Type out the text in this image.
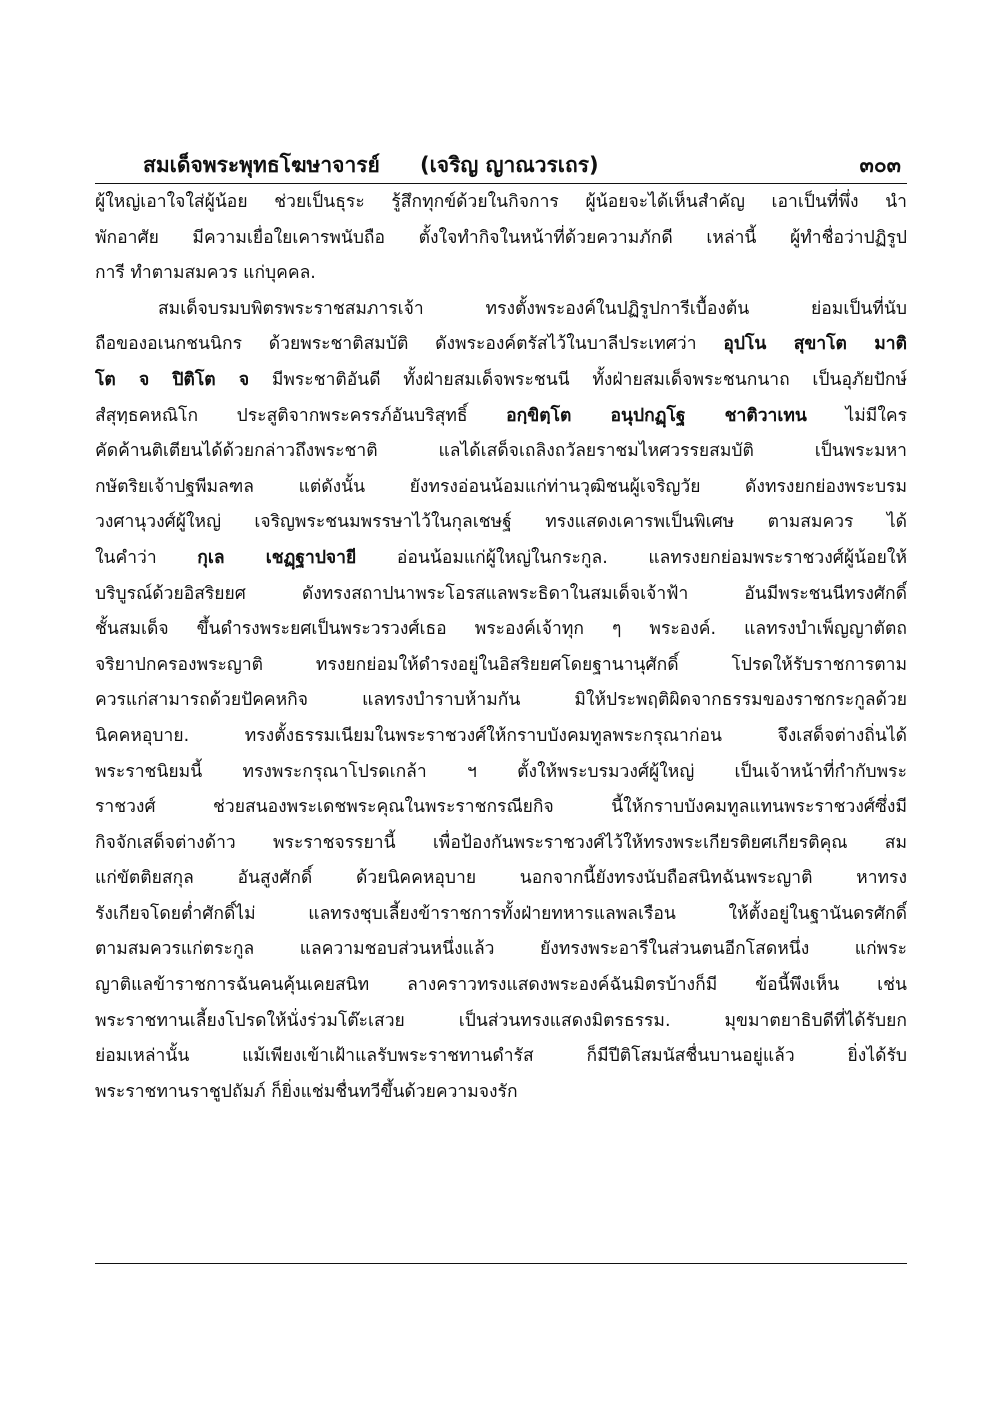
สมเด็จพระพุทธโฆษาจารย์ (เจริญ ญาณวรเถร)	๓๐๓
ผู้ใหญ่เอาใจใส่ผู้น้อย ช่วยเป็นธุระ รู้สึกทุกข์ด้วยในกิจการ ผู้น้อยจะได้เห็นสำคัญ เอาเป็นที่พึ่ง นำ
พักอาศัย มีความเยื่อใยเคารพนับถือ ตั้งใจทำกิจในหน้าที่ด้วยความภักดี เหล่านี้ ผู้ทำชื่อว่าปฏิรูป
การี ทำตามสมควร แก่บุคคล.
สมเด็จบรมบพิตรพระราชสมภารเจ้า ทรงตั้งพระองค์ในปฏิรูปการีเบื้องต้น ย่อมเป็นที่นับ
ถือของอเนกชนนิกร ด้วยพระชาติสมบัติ ดังพระองค์ตรัสไว้ในบาลีประเทศว่า อุปโน สุขาโต มาติ
โต จ ปิติโต จ มีพระชาติอันดี ทั้งฝ่ายสมเด็จพระชนนี ทั้งฝ่ายสมเด็จพระชนกนาถ เป็นอุภัยปักษ์
สํสุทฺธคหณิโก ประสูติจากพระครรภ์อันบริสุทธิ์ อกฺขิตฺโต อนุปกฏฺโฐ ชาติวาเทน ไม่มีใคร
คัดค้านติเตียนได้ด้วยกล่าวถึงพระชาติ แลได้เสด็จเถลิงถวัลยราชมไหศวรรยสมบัติ เป็นพระมหา
กษัตริยเจ้าปฐพีมลฑล แต่ดังนั้น ยังทรงอ่อนน้อมแก่ท่านวุฒิชนผู้เจริญวัย ดังทรงยกย่องพระบรม
วงศานุวงศ์ผู้ใหญ่ เจริญพระชนมพรรษาไว้ในกุลเชษฐ์ ทรงแสดงเคารพเป็นพิเศษ ตามสมควร ได้
ในคำว่า กุเล เชฏฺฐาปจายี อ่อนน้อมแก่ผู้ใหญ่ในกระกูล. แลทรงยกย่อมพระราชวงศ์ผู้น้อยให้
บริบูรณ์ด้วยอิสริยยศ ดังทรงสถาปนาพระโอรสแลพระธิดาในสมเด็จเจ้าฟ้า อันมีพระชนนีทรงศักดิ์
ชั้นสมเด็จ ขึ้นดำรงพระยศเป็นพระวรวงศ์เธอ พระองค์เจ้าทุก ๆ พระองค์. แลทรงบำเพ็ญญาตัตถ
จริยาปกครองพระญาติ ทรงยกย่อมให้ดำรงอยู่ในอิสริยยศโดยฐานานุศักดิ์ โปรดให้รับราชการตาม
ควรแก่สามารถด้วยปัคคหกิจ แลทรงบำราบห้ามกัน มิให้ประพฤติผิดจากธรรมของราชกระกูลด้วย
นิคคหอุบาย. ทรงตั้งธรรมเนียมในพระราชวงศ์ให้กราบบังคมทูลพระกรุณาก่อน จึงเสด็จต่างถิ่นได้
พระราชนิยมนี้ ทรงพระกรุณาโปรดเกล้า ฯ ตั้งให้พระบรมวงศ์ผู้ใหญ่ เป็นเจ้าหน้าที่กำกับพระ
ราชวงศ์ ช่วยสนองพระเดชพระคุณในพระราชกรณียกิจ นี้ให้กราบบังคมทูลแทนพระราชวงศ์ซึ่งมี
กิจจักเสด็จต่างด้าว พระราชจรรยานี้ เพื่อป้องกันพระราชวงศ์ไว้ให้ทรงพระเกียรติยศเกียรติคุณ สม
แก่ขัตติยสกุล อันสูงศักดิ์ ด้วยนิคคหอุบาย นอกจากนี้ยังทรงนับถือสนิทฉันพระญาติ หาทรง
รังเกียจโดยต่ำศักดิ์ไม่ แลทรงชุบเลี้ยงข้าราชการทั้งฝ่ายทหารแลพลเรือน ให้ตั้งอยู่ในฐานันดรศักดิ์
ตามสมควรแก่ตระกูล แลความชอบส่วนหนึ่งแล้ว ยังทรงพระอารีในส่วนตนอีกโสดหนึ่ง แก่พระ
ญาติแลข้าราชการฉันคนคุ้นเคยสนิท ลางคราวทรงแสดงพระองค์ฉันมิตรบ้างก็มี ข้อนี้พึงเห็น เช่น
พระราชทานเลี้ยงโปรดให้นั่งร่วมโต๊ะเสวย เป็นส่วนทรงแสดงมิตรธรรม. มุขมาตยาธิบดีที่ได้รับยก
ย่อมเหล่านั้น แม้เพียงเข้าเฝ้าแลรับพระราชทานดำรัส ก็มีปีติโสมนัสชื่นบานอยู่แล้ว ยิ่งได้รับ
พระราชทานราชูปถัมภ์ ก็ยิ่งแช่มชื่นทวีขึ้นด้วยความจงรัก
